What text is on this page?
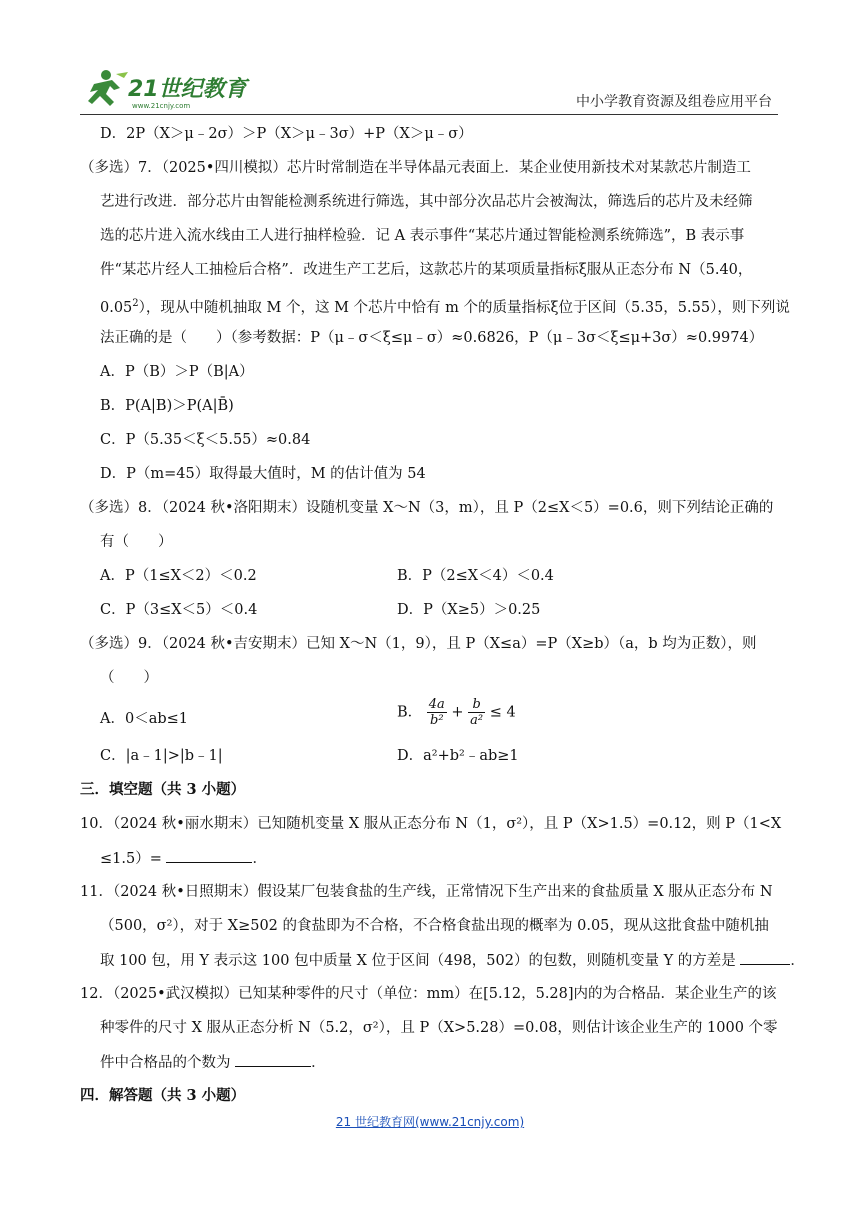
21世纪教育
www.21cnjy.com	中小学教育资源及组卷应用平台
D．2P（X＞μ﹣2σ）＞P（X＞μ﹣3σ）+P（X＞μ﹣σ）
（多选）7．（2025•四川模拟）芯片时常制造在半导体晶元表面上．某企业使用新技术对某款芯片制造工
艺进行改进．部分芯片由智能检测系统进行筛选，其中部分次品芯片会被淘汰，筛选后的芯片及未经筛
选的芯片进入流水线由工人进行抽样检验．记 A 表示事件“某芯片通过智能检测系统筛选”，B 表示事
件“某芯片经人工抽检后合格”．改进生产工艺后，这款芯片的某项质量指标ξ服从正态分布 N（5.40，
0.05$^2$），现从中随机抽取 M 个，这 M 个芯片中恰有 m 个的质量指标ξ位于区间（5.35，5.55），则下列说
法正确的是（　　）（参考数据：P（μ﹣σ＜ξ≤μ﹣σ）≈0.6826，P（μ﹣3σ＜ξ≤μ+3σ）≈0.9974）
A．P（B）＞P（B|A）
B．P(A|B)＞P(A|B̄)
C．P（5.35＜ξ＜5.55）≈0.84
D．P（m=45）取得最大值时，M 的估计值为 54
（多选）8．（2024 秋•洛阳期末）设随机变量 X～N（3，m），且 P（2≤X＜5）=0.6，则下列结论正确的
有（　　）
A．P（1≤X＜2）＜0.2	B．P（2≤X＜4）＜0.4
C．P（3≤X＜5）＜0.4	D．P（X≥5）＞0.25
（多选）9．（2024 秋•吉安期末）已知 X～N（1，9），且 P（X≤a）=P（X≥b）（a，b 均为正数），则
（　　）
A．0＜ab≤1	B． $\frac{4a}{\text{b²}} + \frac{b}{\text{a²}} \le 4$
C．|a﹣1|>|b﹣1|	D．a²+b²﹣ab≥1
三．填空题（共 3 小题）
10．（2024 秋•丽水期末）已知随机变量 X 服从正态分布 N（1，σ²），且 P（X>1.5）=0.12，则 P（1<X
≤1.5）=	．
11．（2024 秋•日照期末）假设某厂包装食盐的生产线，正常情况下生产出来的食盐质量 X 服从正态分布 N
（500，σ²），对于 X≥502 的食盐即为不合格，不合格食盐出现的概率为 0.05，现从这批食盐中随机抽
取 100 包，用 Y 表示这 100 包中质量 X 位于区间（498，502）的包数，则随机变量 Y 的方差是	．
12．（2025•武汉模拟）已知某种零件的尺寸（单位：mm）在[5.12，5.28]内的为合格品．某企业生产的该
种零件的尺寸 X 服从正态分析 N（5.2，σ²），且 P（X>5.28）=0.08，则估计该企业生产的 1000 个零
件中合格品的个数为	．
四．解答题（共 3 小题）
21 世纪教育网(www.21cnjy.com)
